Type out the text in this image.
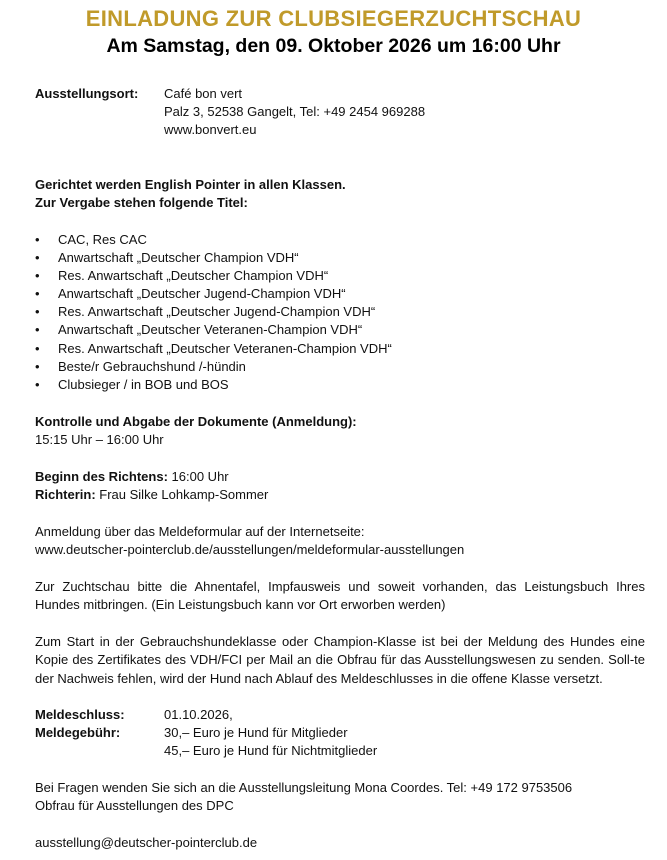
EINLADUNG ZUR CLUBSIEGERZUCHTSCHAU
Am Samstag, den 09. Oktober 2026 um 16:00 Uhr
Ausstellungsort: Café bon vert
Palz 3, 52538 Gangelt, Tel: +49 2454 969288
www.bonvert.eu
Gerichtet werden English Pointer in allen Klassen.
Zur Vergabe stehen folgende Titel:
• CAC, Res CAC
• Anwartschaft „Deutscher Champion VDH“
• Res. Anwartschaft „Deutscher Champion VDH“
• Anwartschaft „Deutscher Jugend-Champion VDH“
• Res. Anwartschaft „Deutscher Jugend-Champion VDH“
• Anwartschaft „Deutscher Veteranen-Champion VDH“
• Res. Anwartschaft „Deutscher Veteranen-Champion VDH“
• Beste/r Gebrauchshund /-hündin
• Clubsieger / in BOB und BOS
Kontrolle und Abgabe der Dokumente (Anmeldung):
15:15 Uhr – 16:00 Uhr
Beginn des Richtens: 16:00 Uhr
Richterin: Frau Silke Lohkamp-Sommer
Anmeldung über das Meldeformular auf der Internetseite:
www.deutscher-pointerclub.de/ausstellungen/meldeformular-ausstellungen
Zur Zuchtschau bitte die Ahnentafel, Impfausweis und soweit vorhanden, das Leistungsbuch Ihres Hundes mitbringen. (Ein Leistungsbuch kann vor Ort erworben werden)
Zum Start in der Gebrauchshundeklasse oder Champion-Klasse ist bei der Meldung des Hundes eine Kopie des Zertifikates des VDH/FCI per Mail an die Obfrau für das Ausstellungswesen zu senden. Soll-te der Nachweis fehlen, wird der Hund nach Ablauf des Meldeschlusses in die offene Klasse versetzt.
Meldeschluss:	01.10.2026,
Meldegebühr:	30,– Euro je Hund für Mitglieder
45,– Euro je Hund für Nichtmitglieder
Bei Fragen wenden Sie sich an die Ausstellungsleitung Mona Coordes. Tel: +49 172 9753506
Obfrau für Ausstellungen des DPC
ausstellung@deutscher-pointerclub.de
